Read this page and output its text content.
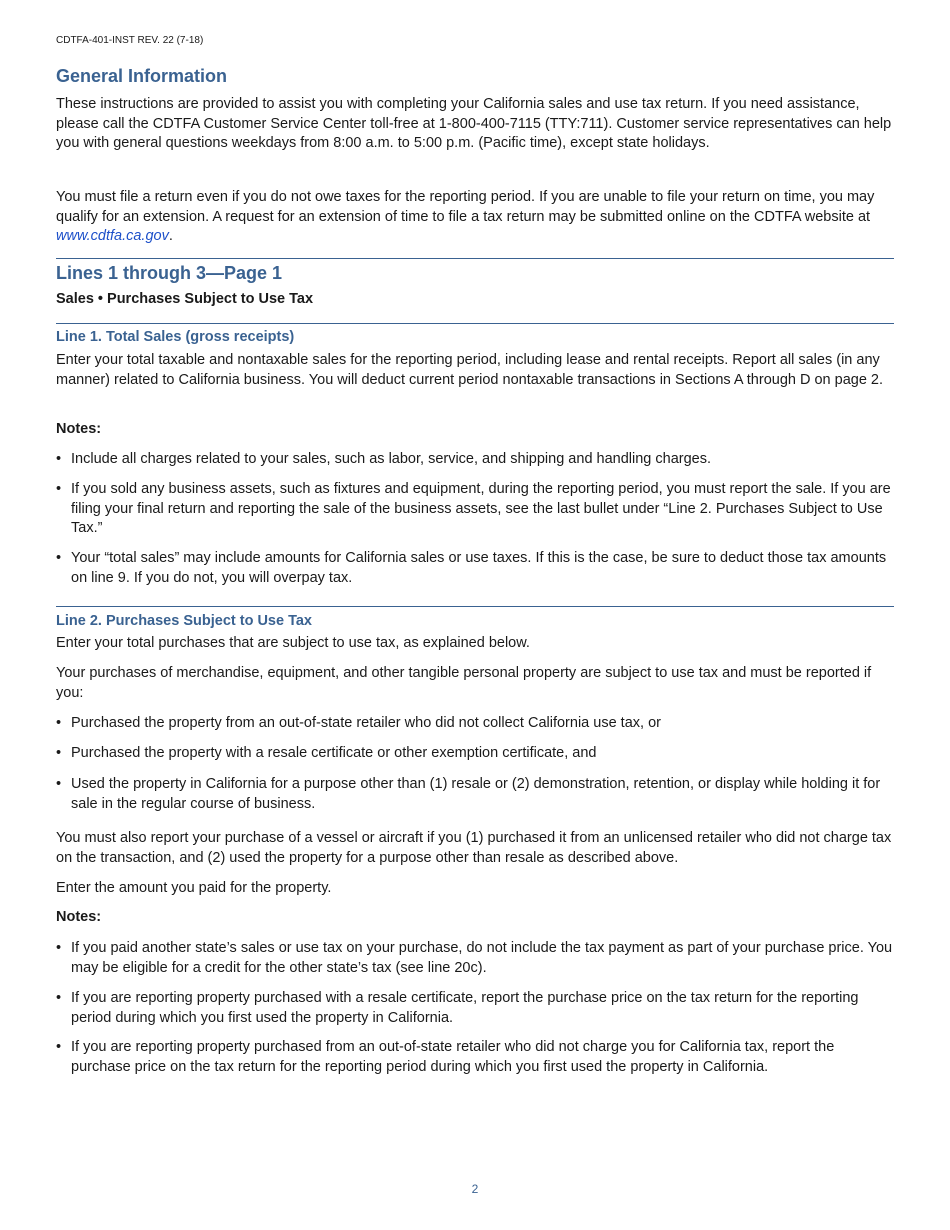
CDTFA-401-INST REV. 22 (7-18)
General Information

These instructions are provided to assist you with completing your California sales and use tax return. If you need assistance, please call the CDTFA Customer Service Center toll-free at 1-800-400-7115 (TTY:711). Customer service representatives can help you with general questions weekdays from 8:00 a.m. to 5:00 p.m. (Pacific time), except state holidays.

You must file a return even if you do not owe taxes for the reporting period. If you are unable to file your return on time, you may qualify for an extension. A request for an extension of time to file a tax return may be submitted online on the CDTFA website at www.cdtfa.ca.gov.

Lines 1 through 3—Page 1
Sales • Purchases Subject to Use Tax
Line 1. Total Sales (gross receipts)

Enter your total taxable and nontaxable sales for the reporting period, including lease and rental receipts. Report all sales (in any manner) related to California business. You will deduct current period nontaxable transactions in Sections A through D on page 2.

Notes:
• Include all charges related to your sales, such as labor, service, and shipping and handling charges.
• If you sold any business assets, such as fixtures and equipment, during the reporting period, you must report the sale. If you are filing your final return and reporting the sale of the business assets, see the last bullet under “Line 2. Purchases Subject to Use Tax.”
• Your “total sales” may include amounts for California sales or use taxes. If this is the case, be sure to deduct those tax amounts on line 9. If you do not, you will overpay tax.
Line 2. Purchases Subject to Use Tax

Enter your total purchases that are subject to use tax, as explained below.

Your purchases of merchandise, equipment, and other tangible personal property are subject to use tax and must be reported if you:

• Purchased the property from an out-of-state retailer who did not collect California use tax, or
• Purchased the property with a resale certificate or other exemption certificate, and
• Used the property in California for a purpose other than (1) resale or (2) demonstration, retention, or display while holding it for sale in the regular course of business.

You must also report your purchase of a vessel or aircraft if you (1) purchased it from an unlicensed retailer who did not charge tax on the transaction, and (2) used the property for a purpose other than resale as described above.

Enter the amount you paid for the property.

Notes:
• If you paid another state’s sales or use tax on your purchase, do not include the tax payment as part of your purchase price. You may be eligible for a credit for the other state’s tax (see line 20c).
• If you are reporting property purchased with a resale certificate, report the purchase price on the tax return for the reporting period during which you first used the property in California.
• If you are reporting property purchased from an out-of-state retailer who did not charge you for California tax, report the purchase price on the tax return for the reporting period during which you first used the property in California.
2
